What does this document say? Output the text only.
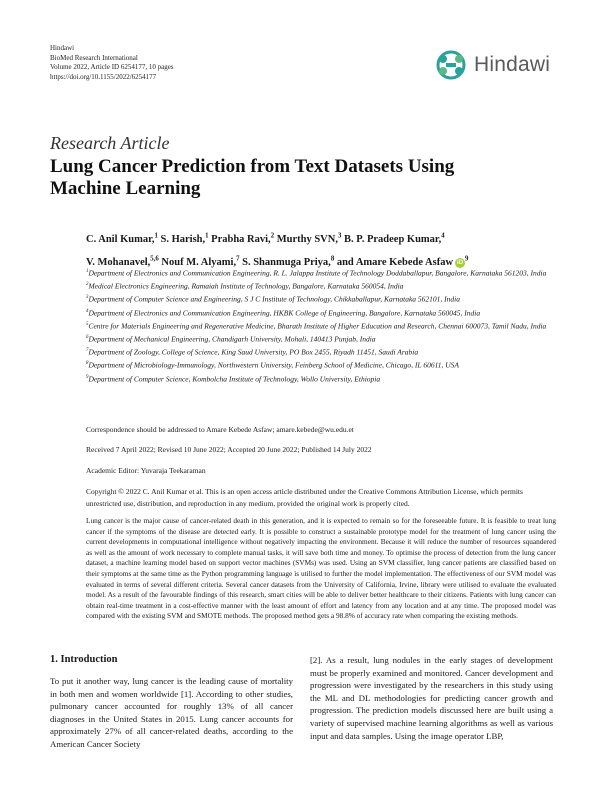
Hindawi
BioMed Research International
Volume 2022, Article ID 6254177, 10 pages
https://doi.org/10.1155/2022/6254177
Hindawi
Research Article
Lung Cancer Prediction from Text Datasets Using Machine Learning
C. Anil Kumar,$^1$ S. Harish,$^1$ Prabha Ravi,$^2$ Murthy SVN,$^3$ B. P. Pradeep Kumar,$^4$
V. Mohanavel,$^{5,6}$ Nouf M. Alyami,$^7$ S. Shanmuga Priya,$^8$ and Amare Kebede Asfaw $iD^9$
$^1$Department of Electronics and Communication Engineering, R. L. Jalappa Institute of Technology Doddaballapur, Bangalore, Karnataka 561203, India
$^2$Medical Electronics Engineering, Ramaiah Institute of Technology, Bangalore, Karnataka 560054, India
$^3$Department of Computer Science and Engineering, S J C Institute of Technology, Chikkaballapur, Karnataka 562101, India
$^4$Department of Electronics and Communication Engineering, HKBK College of Engineering, Bangalore, Karnataka 560045, India
$^5$Centre for Materials Engineering and Regenerative Medicine, Bharath Institute of Higher Education and Research, Chennai 600073, Tamil Nadu, India
$^6$Department of Mechanical Engineering, Chandigarh University, Mohali, 140413 Punjab, India
$^7$Department of Zoology, College of Science, King Saud University, PO Box 2455, Riyadh 11451, Saudi Arabia
$^8$Department of Microbiology-Immunology, Northwestern University, Feinberg School of Medicine, Chicago, IL 60611, USA
$^9$Department of Computer Science, Kombolcha Institute of Technology, Wollo University, Ethiopia
Correspondence should be addressed to Amare Kebede Asfaw; amare.kebede@wu.edu.et
Received 7 April 2022; Revised 10 June 2022; Accepted 20 June 2022; Published 14 July 2022
Academic Editor: Yuvaraja Teekaraman
Copyright © 2022 C. Anil Kumar et al. This is an open access article distributed under the Creative Commons Attribution License, which permits unrestricted use, distribution, and reproduction in any medium, provided the original work is properly cited.
Lung cancer is the major cause of cancer-related death in this generation, and it is expected to remain so for the foreseeable future. It is feasible to treat lung cancer if the symptoms of the disease are detected early. It is possible to construct a sustainable prototype model for the treatment of lung cancer using the current developments in computational intelligence without negatively impacting the environment. Because it will reduce the number of resources squandered as well as the amount of work necessary to complete manual tasks, it will save both time and money. To optimise the process of detection from the lung cancer dataset, a machine learning model based on support vector machines (SVMs) was used. Using an SVM classifier, lung cancer patients are classified based on their symptoms at the same time as the Python programming language is utilised to further the model implementation. The effectiveness of our SVM model was evaluated in terms of several different criteria. Several cancer datasets from the University of California, Irvine, library were utilised to evaluate the evaluated model. As a result of the favourable findings of this research, smart cities will be able to deliver better healthcare to their citizens. Patients with lung cancer can obtain real-time treatment in a cost-effective manner with the least amount of effort and latency from any location and at any time. The proposed model was compared with the existing SVM and SMOTE methods. The proposed method gets a 98.8% of accuracy rate when comparing the existing methods.
1. Introduction
To put it another way, lung cancer is the leading cause of mortality in both men and women worldwide [1]. According to other studies, pulmonary cancer accounted for roughly 13% of all cancer diagnoses in the United States in 2015. Lung cancer accounts for approximately 27% of all cancer-related deaths, according to the American Cancer Society
[2]. As a result, lung nodules in the early stages of development must be properly examined and monitored. Cancer development and progression were investigated by the researchers in this study using the ML and DL methodologies for predicting cancer growth and progression. The prediction models discussed here are built using a variety of supervised machine learning algorithms as well as various input and data samples. Using the image operator LBP,
